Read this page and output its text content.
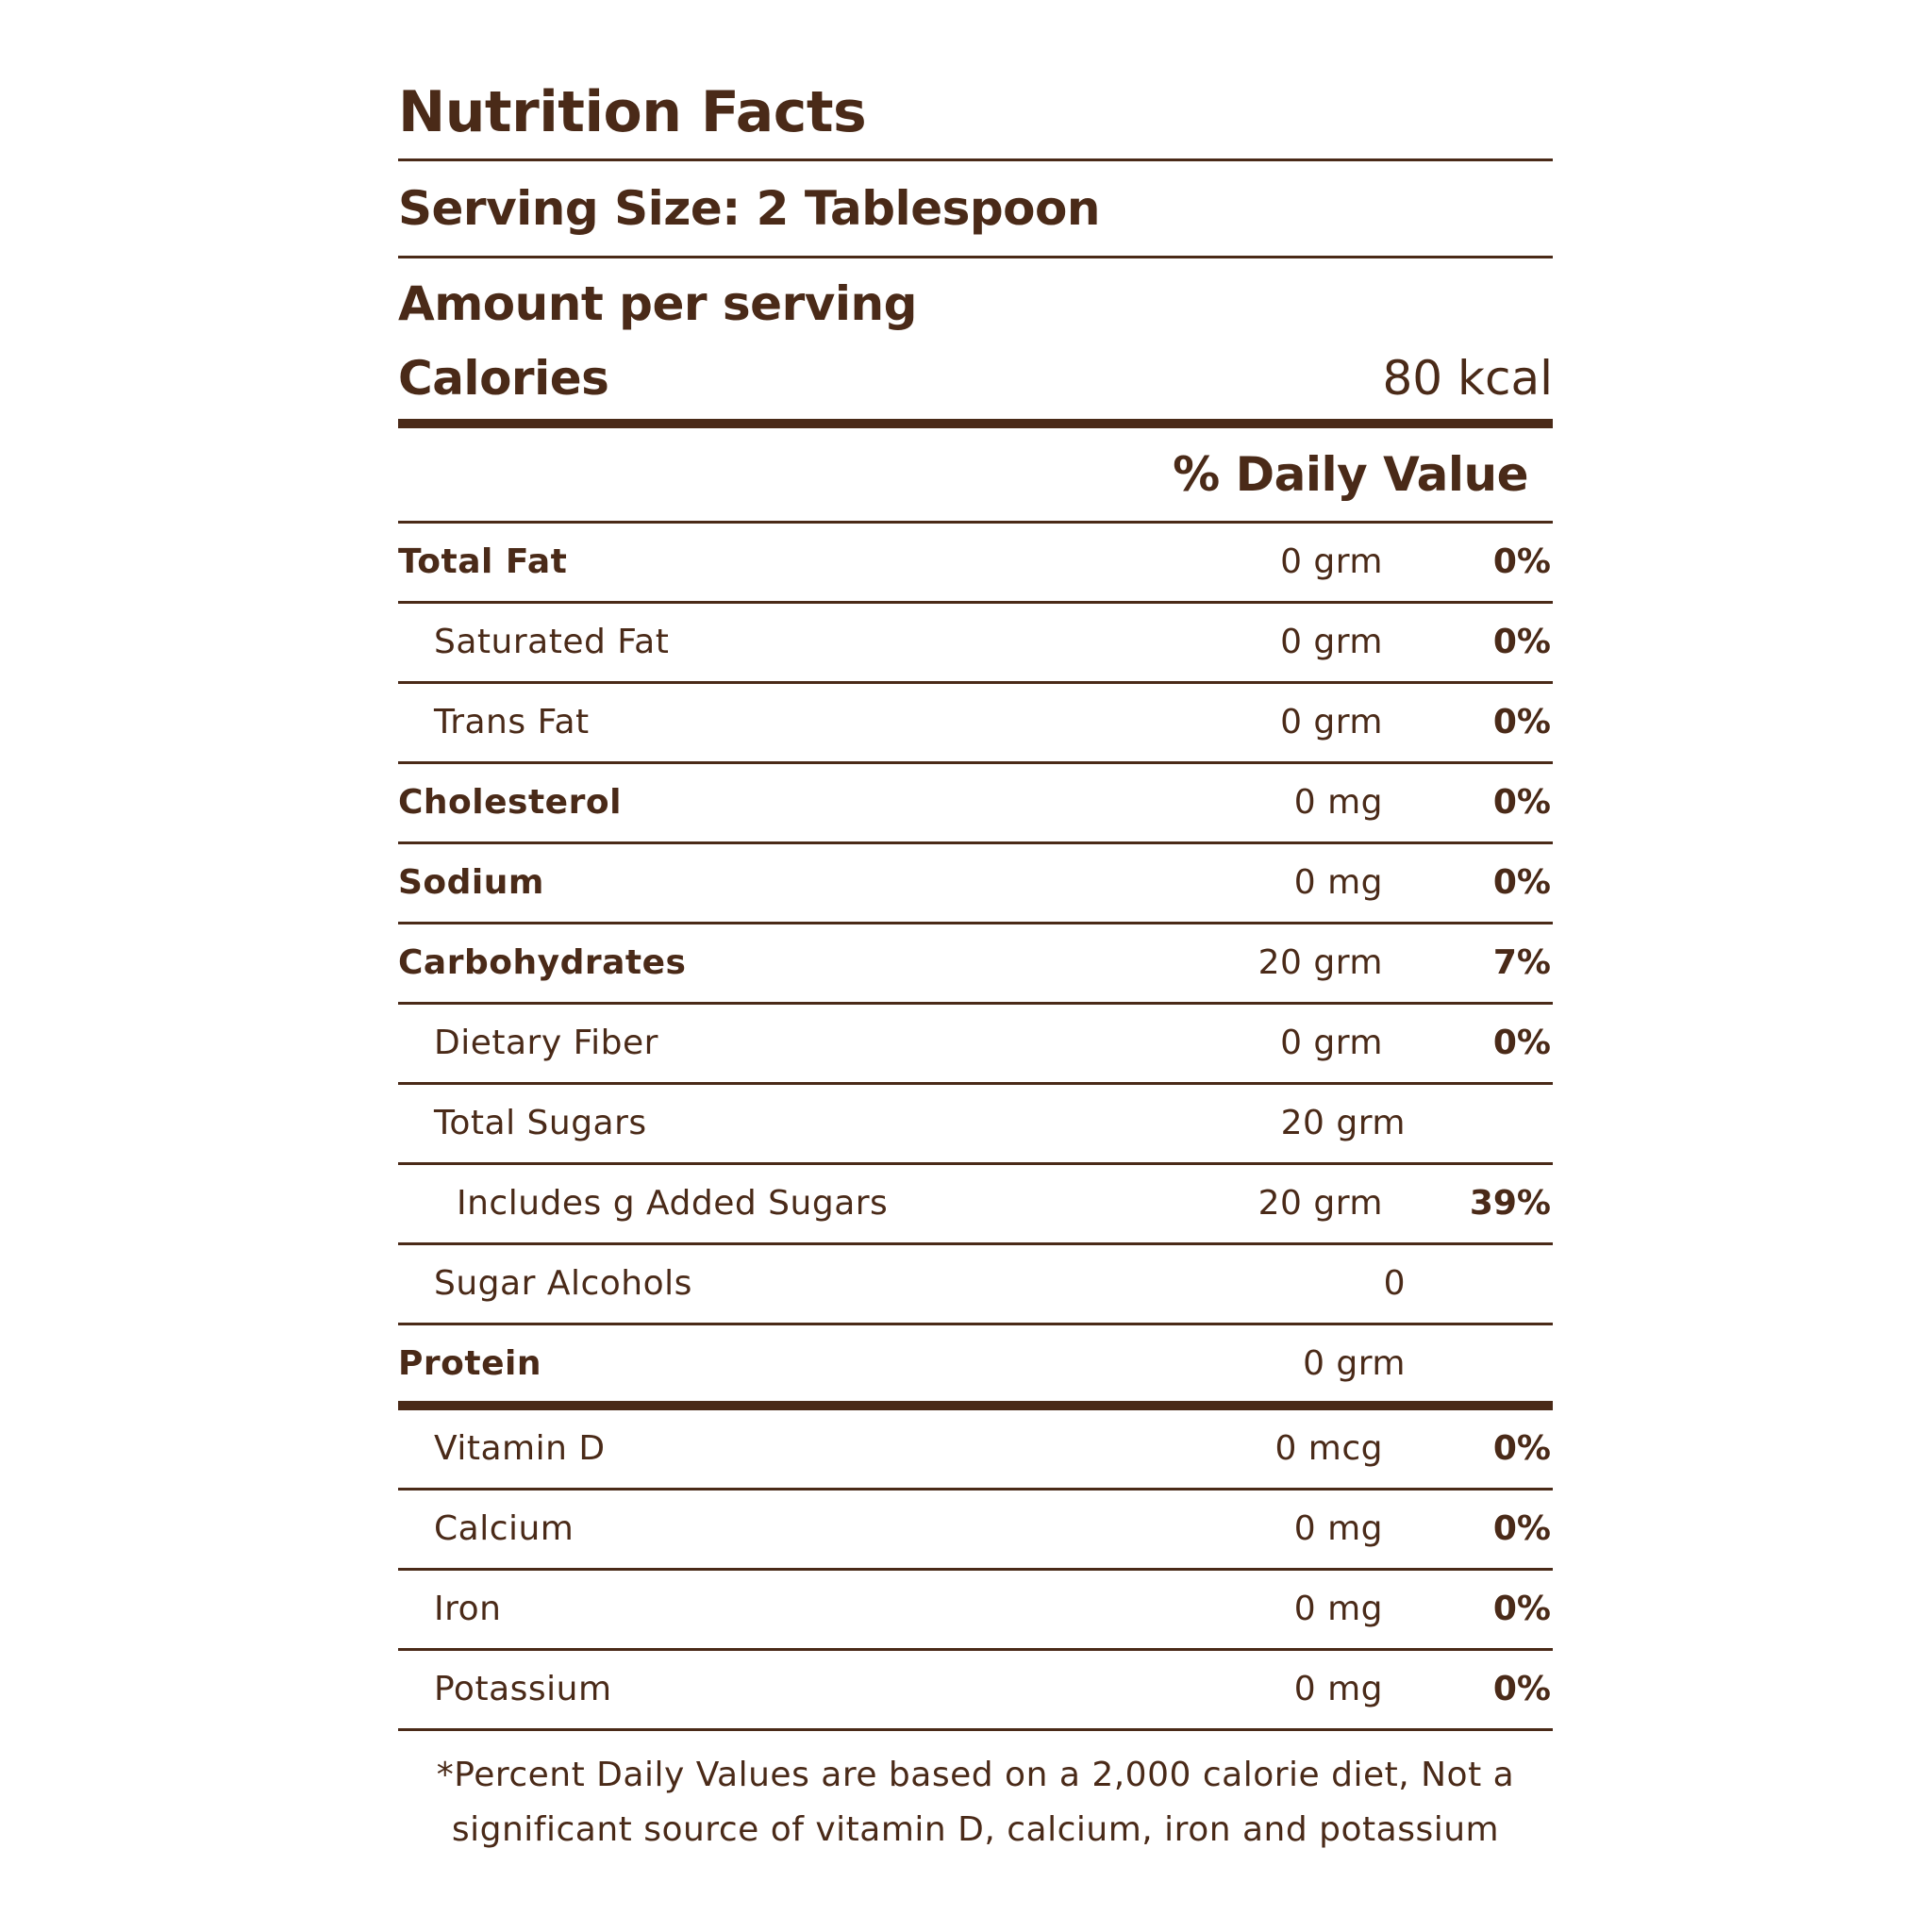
Nutrition Facts
Serving Size: 2 Tablespoon
Amount per serving
Calories	80 kcal
% Daily Value
Total Fat	0 grm	0%
Saturated Fat	0 grm	0%
Trans Fat	0 grm	0%
Cholesterol	0 mg	0%
Sodium	0 mg	0%
Carbohydrates	20 grm	7%
Dietary Fiber	0 grm	0%
Total Sugars	20 grm
Includes g Added Sugars	20 grm	39%
Sugar Alcohols	0
Protein	0 grm
Vitamin D	0 mcg	0%
Calcium	0 mg	0%
Iron	0 mg	0%
Potassium	0 mg	0%
*Percent Daily Values are based on a 2,000 calorie diet, Not a significant source of vitamin D, calcium, iron and potassium
